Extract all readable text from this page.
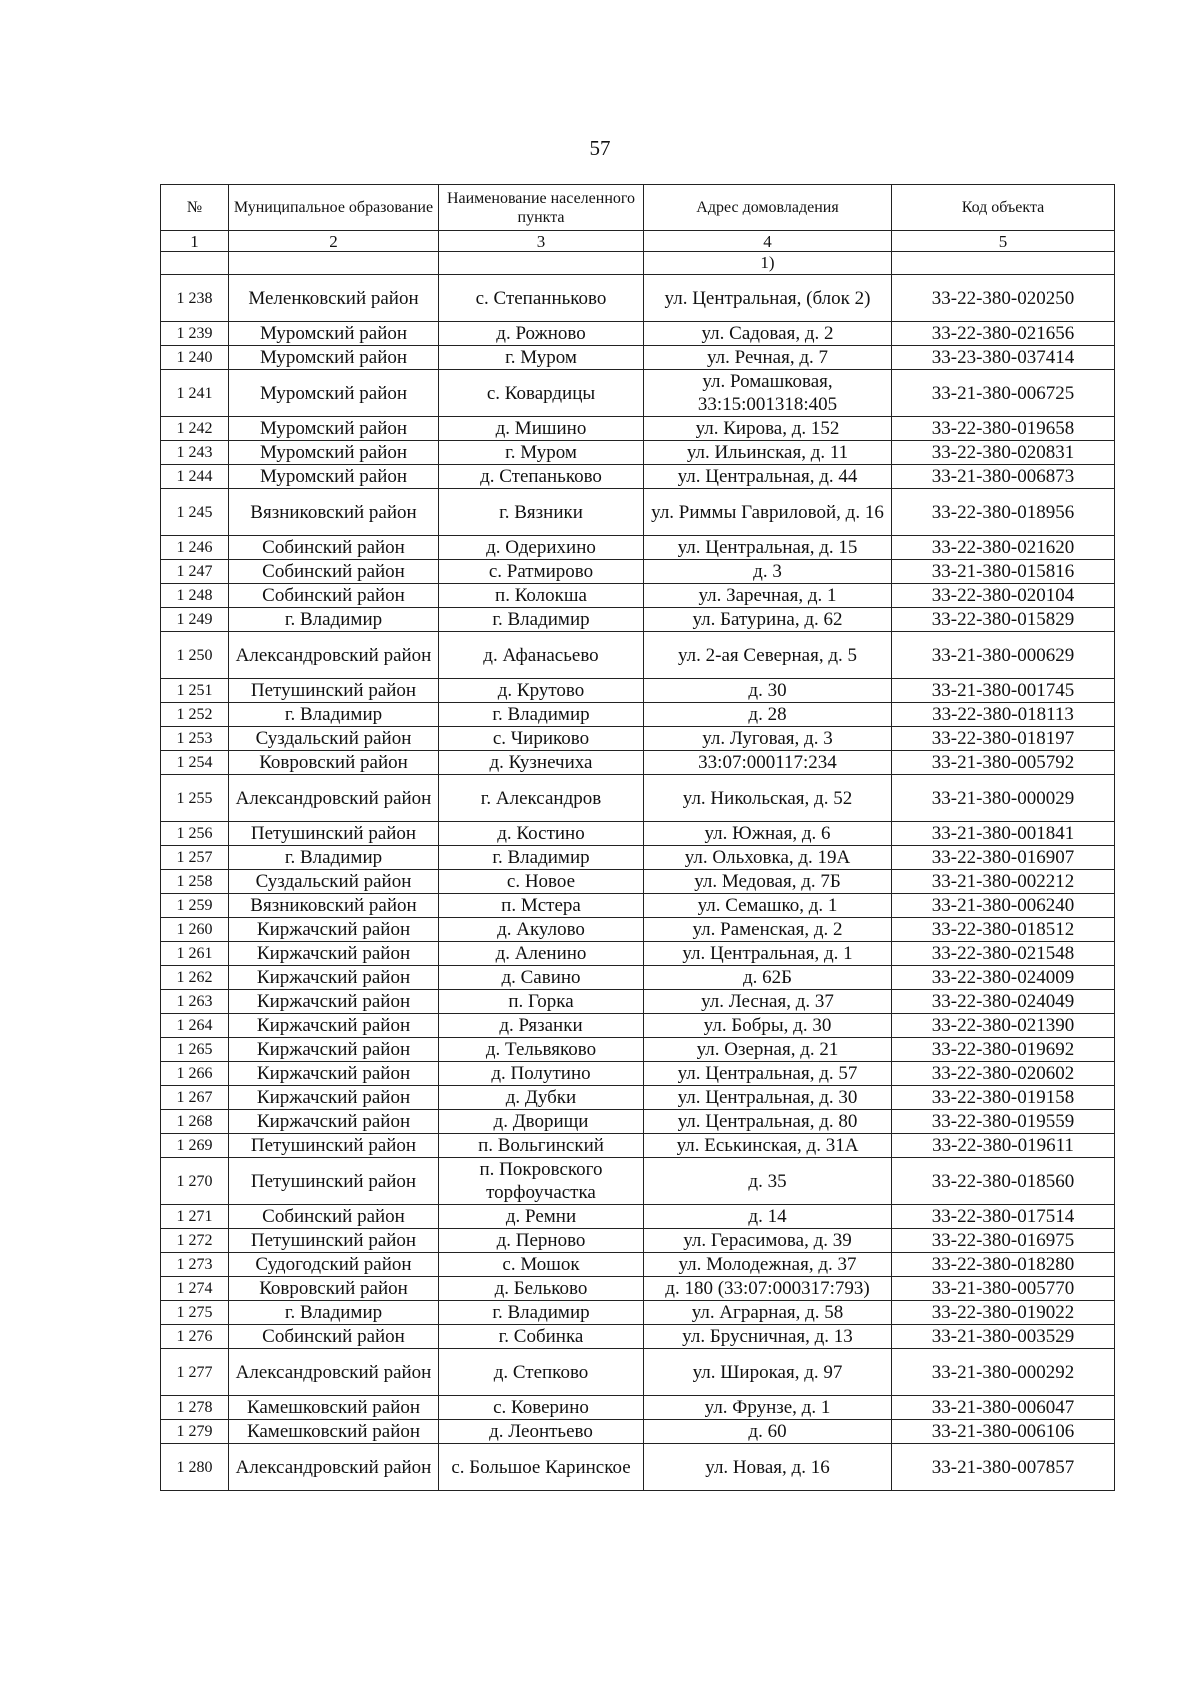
57
№	Муниципальное образование	Наименование населенного пункта	Адрес домовладения	Код объекта
1	2	3	4	5
			1)	
1 238	Меленковский район	с. Степанньково	ул. Центральная, (блок 2)	33-22-380-020250
1 239	Муромский район	д. Рожново	ул. Садовая, д. 2	33-22-380-021656
1 240	Муромский район	г. Муром	ул. Речная, д. 7	33-23-380-037414
1 241	Муромский район	с. Ковардицы	ул. Ромашковая, 33:15:001318:405	33-21-380-006725
1 242	Муромский район	д. Мишино	ул. Кирова, д. 152	33-22-380-019658
1 243	Муромский район	г. Муром	ул. Ильинская, д. 11	33-22-380-020831
1 244	Муромский район	д. Степаньково	ул. Центральная, д. 44	33-21-380-006873
1 245	Вязниковский район	г. Вязники	ул. Риммы Гавриловой, д. 16	33-22-380-018956
1 246	Собинский район	д. Одерихино	ул. Центральная, д. 15	33-22-380-021620
1 247	Собинский район	с. Ратмирово	д. 3	33-21-380-015816
1 248	Собинский район	п. Колокша	ул. Заречная, д. 1	33-22-380-020104
1 249	г. Владимир	г. Владимир	ул. Батурина, д. 62	33-22-380-015829
1 250	Александровский район	д. Афанасьево	ул. 2-ая Северная, д. 5	33-21-380-000629
1 251	Петушинский район	д. Крутово	д. 30	33-21-380-001745
1 252	г. Владимир	г. Владимир	д. 28	33-22-380-018113
1 253	Суздальский район	с. Чириково	ул. Луговая, д. 3	33-22-380-018197
1 254	Ковровский район	д. Кузнечиха	33:07:000117:234	33-21-380-005792
1 255	Александровский район	г. Александров	ул. Никольская, д. 52	33-21-380-000029
1 256	Петушинский район	д. Костино	ул. Южная, д. 6	33-21-380-001841
1 257	г. Владимир	г. Владимир	ул. Ольховка, д. 19А	33-22-380-016907
1 258	Суздальский район	с. Новое	ул. Медовая, д. 7Б	33-21-380-002212
1 259	Вязниковский район	п. Мстера	ул. Семашко, д. 1	33-21-380-006240
1 260	Киржачский район	д. Акулово	ул. Раменская, д. 2	33-22-380-018512
1 261	Киржачский район	д. Аленино	ул. Центральная, д. 1	33-22-380-021548
1 262	Киржачский район	д. Савино	д. 62Б	33-22-380-024009
1 263	Киржачский район	п. Горка	ул. Лесная, д. 37	33-22-380-024049
1 264	Киржачский район	д. Рязанки	ул. Бобры, д. 30	33-22-380-021390
1 265	Киржачский район	д. Тельвяково	ул. Озерная, д. 21	33-22-380-019692
1 266	Киржачский район	д. Полутино	ул. Центральная, д. 57	33-22-380-020602
1 267	Киржачский район	д. Дубки	ул. Центральная, д. 30	33-22-380-019158
1 268	Киржачский район	д. Дворищи	ул. Центральная, д. 80	33-22-380-019559
1 269	Петушинский район	п. Вольгинский	ул. Еськинская, д. 31А	33-22-380-019611
1 270	Петушинский район	п. Покровского торфоучастка	д. 35	33-22-380-018560
1 271	Собинский район	д. Ремни	д. 14	33-22-380-017514
1 272	Петушинский район	д. Перново	ул. Герасимова, д. 39	33-22-380-016975
1 273	Судогодский район	с. Мошок	ул. Молодежная, д. 37	33-22-380-018280
1 274	Ковровский район	д. Бельково	д. 180 (33:07:000317:793)	33-21-380-005770
1 275	г. Владимир	г. Владимир	ул. Аграрная, д. 58	33-22-380-019022
1 276	Собинский район	г. Собинка	ул. Брусничная, д. 13	33-21-380-003529
1 277	Александровский район	д. Степково	ул. Широкая, д. 97	33-21-380-000292
1 278	Камешковский район	с. Коверино	ул. Фрунзе, д. 1	33-21-380-006047
1 279	Камешковский район	д. Леонтьево	д. 60	33-21-380-006106
1 280	Александровский район	с. Большое Каринское	ул. Новая, д. 16	33-21-380-007857
